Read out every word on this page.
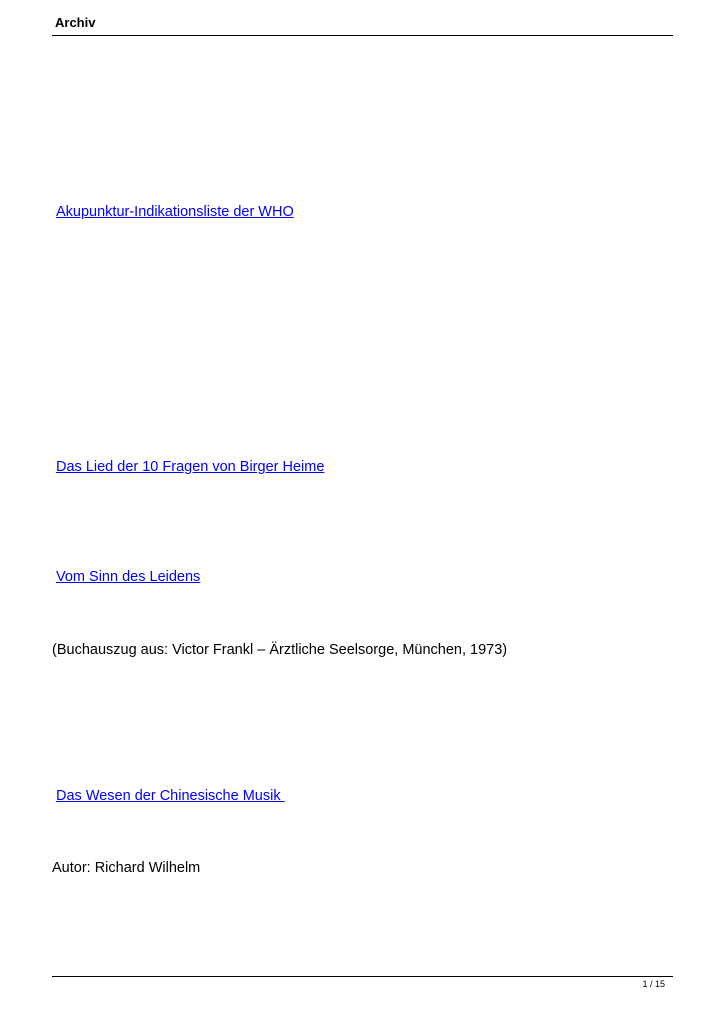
Archiv
Akupunktur-Indikationsliste der WHO
Das Lied der 10 Fragen von Birger Heime
Vom Sinn des Leidens
(Buchauszug aus: Victor Frankl – Ärztliche Seelsorge, München, 1973)
Das Wesen der Chinesische Musik
Autor: Richard Wilhelm
1 / 15
